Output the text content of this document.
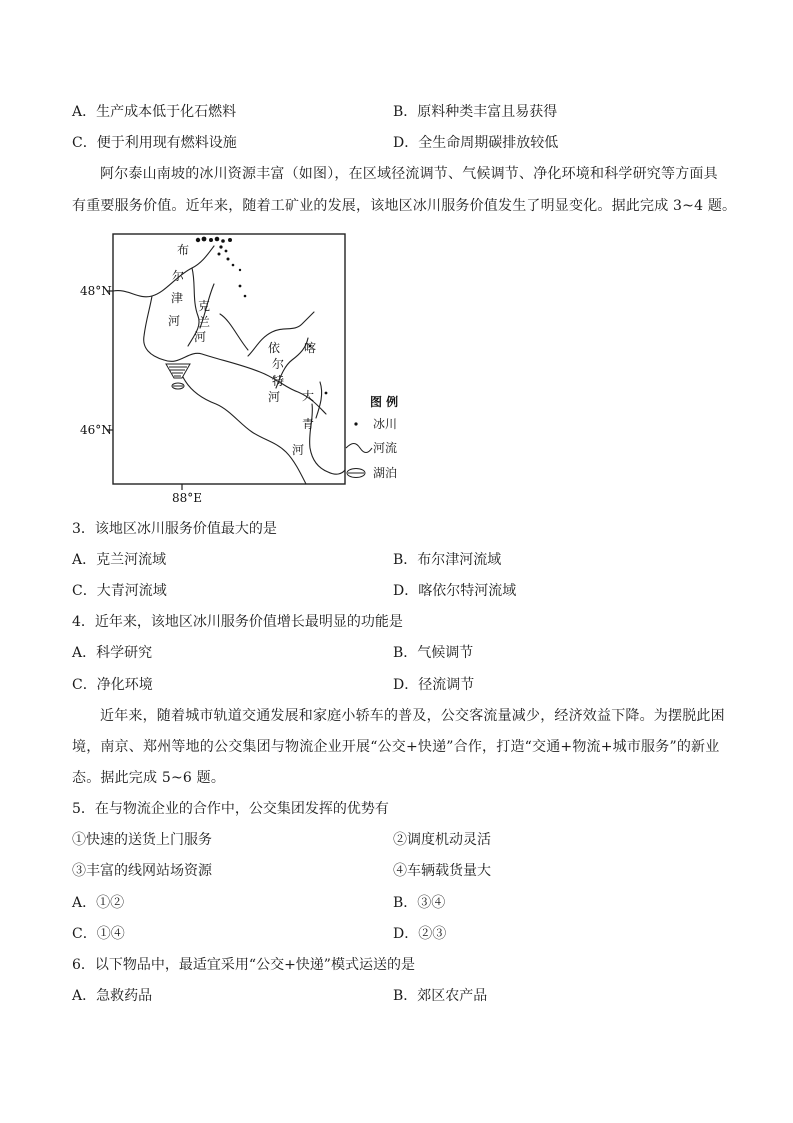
A．生产成本低于化石燃料	B．原料种类丰富且易获得
C．便于利用现有燃料设施	D．全生命周期碳排放较低
阿尔泰山南坡的冰川资源丰富（如图），在区域径流调节、气候调节、净化环境和科学研究等方面具
有重要服务价值。近年来，随着工矿业的发展，该地区冰川服务价值发生了明显变化。据此完成 3~4 题。
48°N
46°N
88°E
布
尔
津
河
克
兰
河
喀
依
尔
特
河 大
青
河
图 例
冰川
河流
湖泊
3．该地区冰川服务价值最大的是
A．克兰河流域	B．布尔津河流域
C．大青河流域	D．喀依尔特河流域
4．近年来，该地区冰川服务价值增长最明显的功能是
A．科学研究	B．气候调节
C．净化环境	D．径流调节
近年来，随着城市轨道交通发展和家庭小轿车的普及，公交客流量减少，经济效益下降。为摆脱此困
境，南京、郑州等地的公交集团与物流企业开展“公交+快递”合作，打造“交通+物流+城市服务”的新业
态。据此完成 5~6 题。
5．在与物流企业的合作中，公交集团发挥的优势有
①快速的送货上门服务	②调度机动灵活
③丰富的线网站场资源	④车辆载货量大
A．①②	B．③④
C．①④	D．②③
6．以下物品中，最适宜采用“公交+快递”模式运送的是
A．急救药品	B．郊区农产品
